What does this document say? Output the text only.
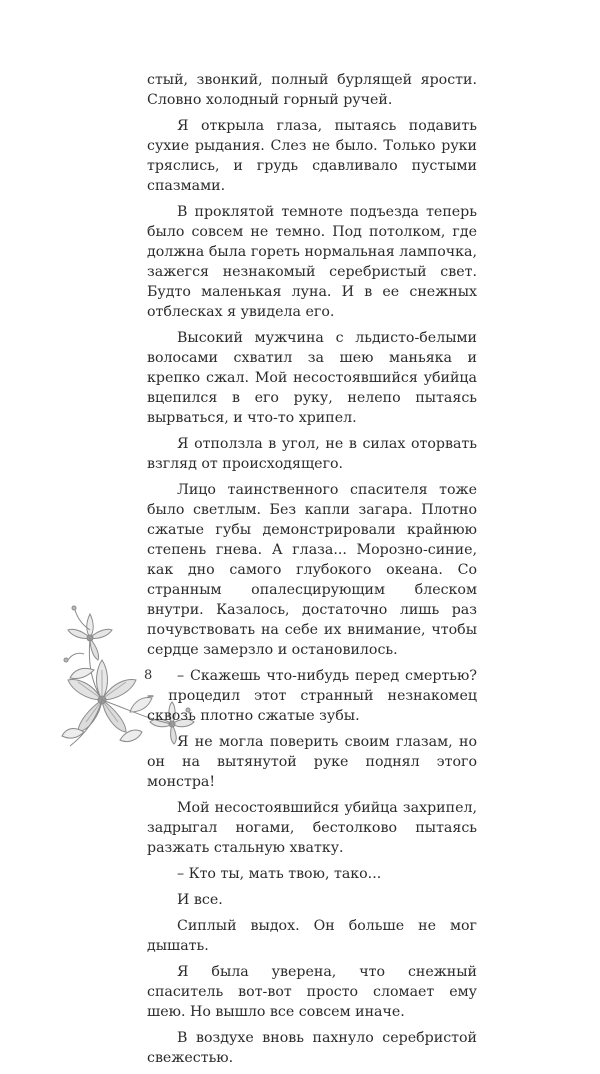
стый, звонкий, полный бурлящей ярости. Словно холодный горный ручей.

Я открыла глаза, пытаясь подавить сухие рыдания. Слез не было. Только руки тряслись, и грудь сдавливало пустыми спазмами.

В проклятой темноте подъезда теперь было совсем не темно. Под потолком, где должна была гореть нормальная лампочка, зажегся незнакомый серебристый свет. Будто маленькая луна. И в ее снежных отблесках я увидела его.

Высокий мужчина с льдисто-белыми волосами схватил за шею маньяка и крепко сжал. Мой несостоявшийся убийца вцепился в его руку, нелепо пытаясь вырваться, и что-то хрипел.

Я отползла в угол, не в силах оторвать взгляд от происходящего.

Лицо таинственного спасителя тоже было светлым. Без капли загара. Плотно сжатые губы демонстрировали крайнюю степень гнева. А глаза... Морозно-синие, как дно самого глубокого океана. Со странным опалесцирующим блеском внутри. Казалось, достаточно лишь раз почувствовать на себе их внимание, чтобы сердце замерзло и остановилось.

– Скажешь что-нибудь перед смертью? – процедил этот странный незнакомец сквозь плотно сжатые зубы.

Я не могла поверить своим глазам, но он на вытянутой руке поднял этого монстра!

Мой несостоявшийся убийца захрипел, задрыгал ногами, бестолково пытаясь разжать стальную хватку.

– Кто ты, мать твою, тако...

И все.

Сиплый выдох. Он больше не мог дышать.

Я была уверена, что снежный спаситель вот-вот просто сломает ему шею. Но вышло все совсем иначе.

В воздухе вновь пахнуло серебристой свежестью.

8
